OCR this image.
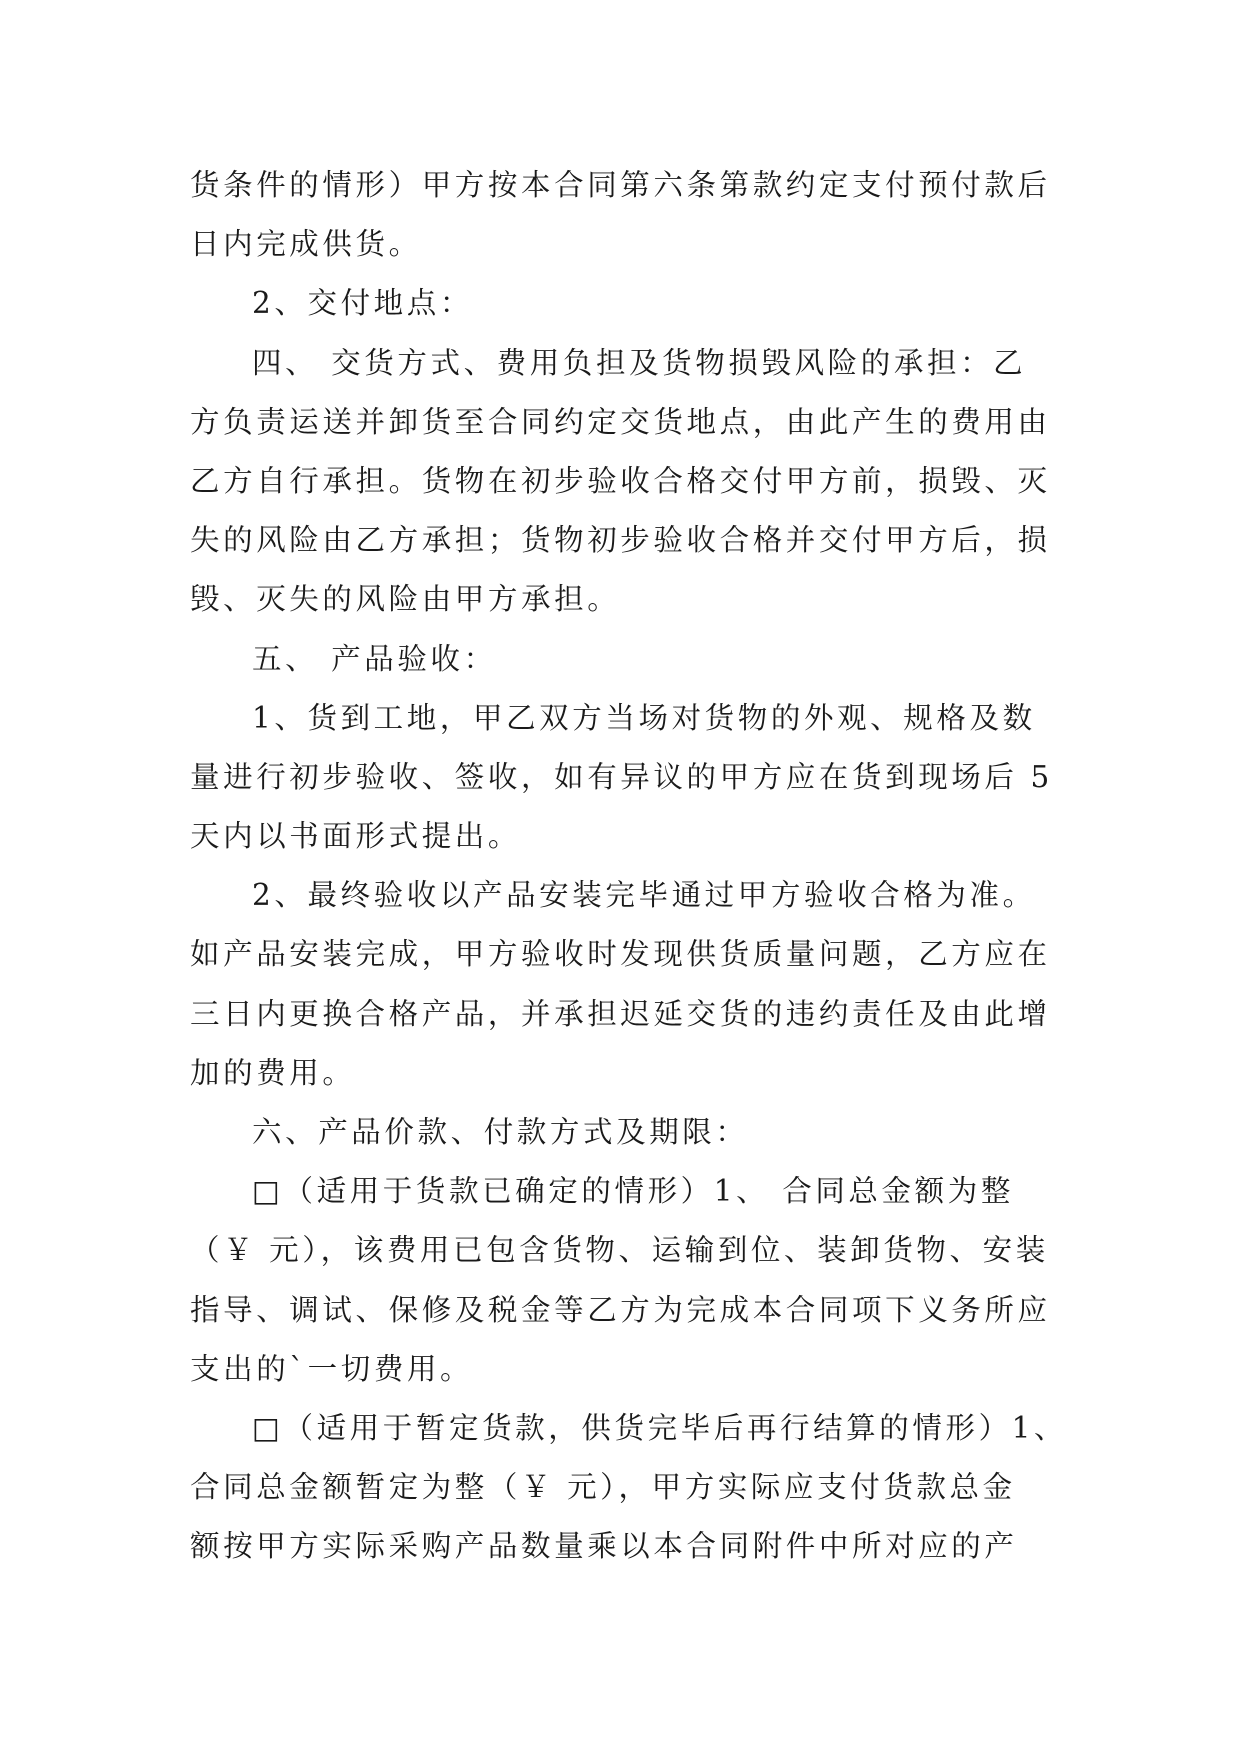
货条件的情形）甲方按本合同第六条第款约定支付预付款后
日内完成供货。
2、交付地点：
四、 交货方式、费用负担及货物损毁风险的承担：乙
方负责运送并卸货至合同约定交货地点，由此产生的费用由
乙方自行承担。货物在初步验收合格交付甲方前，损毁、灭
失的风险由乙方承担；货物初步验收合格并交付甲方后，损
毁、灭失的风险由甲方承担。
五、 产品验收：
1、货到工地，甲乙双方当场对货物的外观、规格及数
量进行初步验收、签收，如有异议的甲方应在货到现场后 5
天内以书面形式提出。
2、最终验收以产品安装完毕通过甲方验收合格为准。
如产品安装完成，甲方验收时发现供货质量问题，乙方应在
三日内更换合格产品，并承担迟延交货的违约责任及由此增
加的费用。
六、产品价款、付款方式及期限：
□（适用于货款已确定的情形）1、 合同总金额为整
（￥ 元），该费用已包含货物、运输到位、装卸货物、安装
指导、调试、保修及税金等乙方为完成本合同项下义务所应
支出的`一切费用。
□（适用于暂定货款，供货完毕后再行结算的情形）1、
合同总金额暂定为整（￥ 元），甲方实际应支付货款总金
额按甲方实际采购产品数量乘以本合同附件中所对应的产
